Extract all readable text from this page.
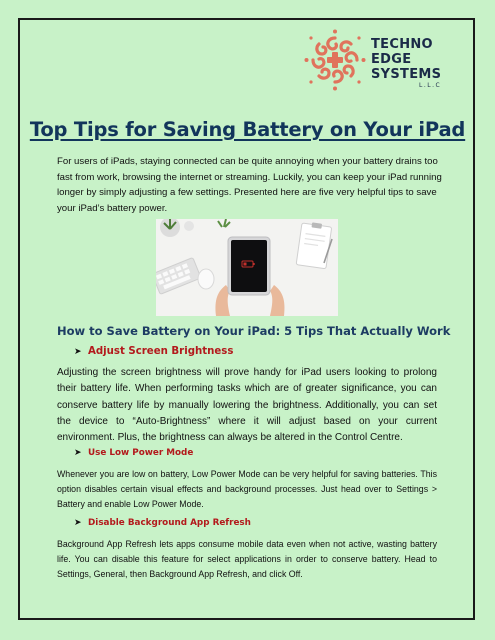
TECHNO
EDGE
SYSTEMS
L.L.C
Top Tips for Saving Battery on Your iPad

For users of iPads, staying connected can be quite annoying when your battery drains too fast from work, browsing the internet or streaming. Luckily, you can keep your iPad running longer by simply adjusting a few settings. Presented here are five very helpful tips to save your iPad’s battery power.

How to Save Battery on Your iPad: 5 Tips That Actually Work

➤ Adjust Screen Brightness

Adjusting the screen brightness will prove handy for iPad users looking to prolong their battery life. When performing tasks which are of greater significance, you can conserve battery life by manually lowering the brightness. Additionally, you can set the device to “Auto-Brightness” where it will adjust based on your current environment. Plus, the brightness can always be altered in the Control Centre.

➤ Use Low Power Mode

Whenever you are low on battery, Low Power Mode can be very helpful for saving batteries. This option disables certain visual effects and background processes. Just head over to Settings > Battery and enable Low Power Mode.

➤ Disable Background App Refresh

Background App Refresh lets apps consume mobile data even when not active, wasting battery life. You can disable this feature for select applications in order to conserve battery. Head to Settings, General, then Background App Refresh, and click Off.
